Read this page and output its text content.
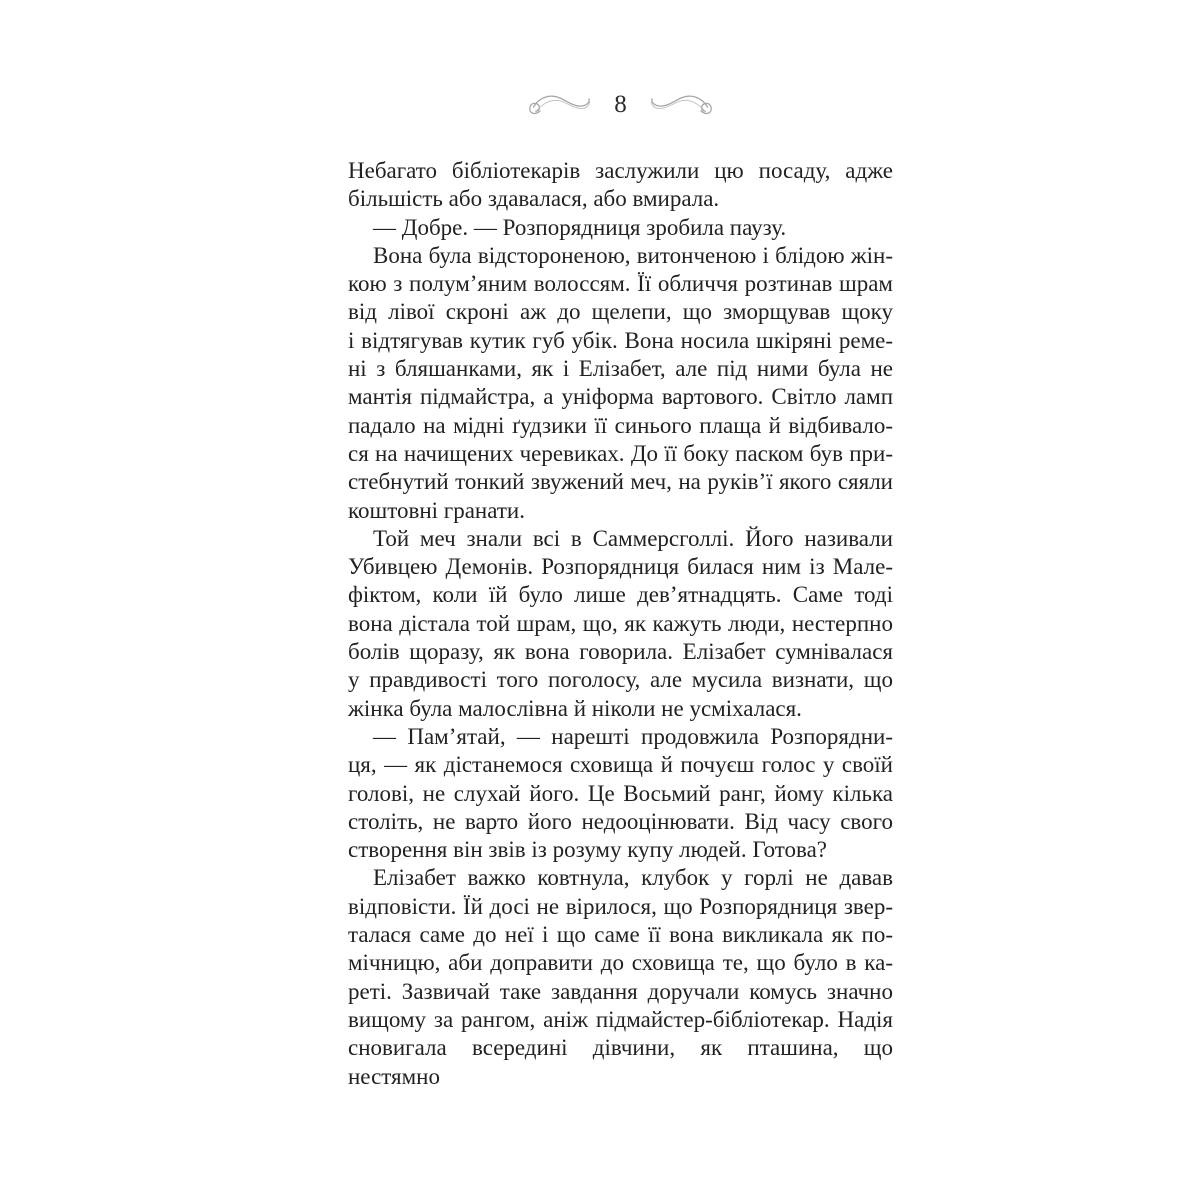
8
Небагато бібліотекарів заслужили цю посаду, адже
більшість або здавалася, або вмирала.
— Добре. — Розпорядниця зробила паузу.
Вона була відстороненою, витонченою і блідою жін-
кою з полум’яним волоссям. Її обличчя розтинав шрам
від лівої скроні аж до щелепи, що зморщував щоку
і відтягував кутик губ убік. Вона носила шкіряні реме-
ні з бляшанками, як і Елізабет, але під ними була не
мантія підмайстра, а уніформа вартового. Світло ламп
падало на мідні ґудзики її синього плаща й відбивало-
ся на начищених черевиках. До її боку паском був при-
стебнутий тонкий звужений меч, на руків’ї якого сяяли
коштовні гранати.
Той меч знали всі в Саммерсголлі. Його називали
Убивцею Демонів. Розпорядниця билася ним із Мале-
фіктом, коли їй було лише дев’ятнадцять. Саме тоді
вона дістала той шрам, що, як кажуть люди, нестерпно
болів щоразу, як вона говорила. Елізабет сумнівалася
у правдивості того поголосу, але мусила визнати, що
жінка була малослівна й ніколи не усміхалася.
— Пам’ятай, — нарешті продовжила Розпорядни-
ця, — як дістанемося сховища й почуєш голос у своїй
голові, не слухай його. Це Восьмий ранг, йому кілька
століть, не варто його недооцінювати. Від часу свого
створення він звів із розуму купу людей. Готова?
Елізабет важко ковтнула, клубок у горлі не давав
відповісти. Їй досі не вірилося, що Розпорядниця звер-
талася саме до неї і що саме її вона викликала як по-
мічницю, аби доправити до сховища те, що було в ка-
реті. Зазвичай таке завдання доручали комусь значно
вищому за рангом, аніж підмайстер-бібліотекар. Надія
сновигала всередині дівчини, як пташина, що нестямно
